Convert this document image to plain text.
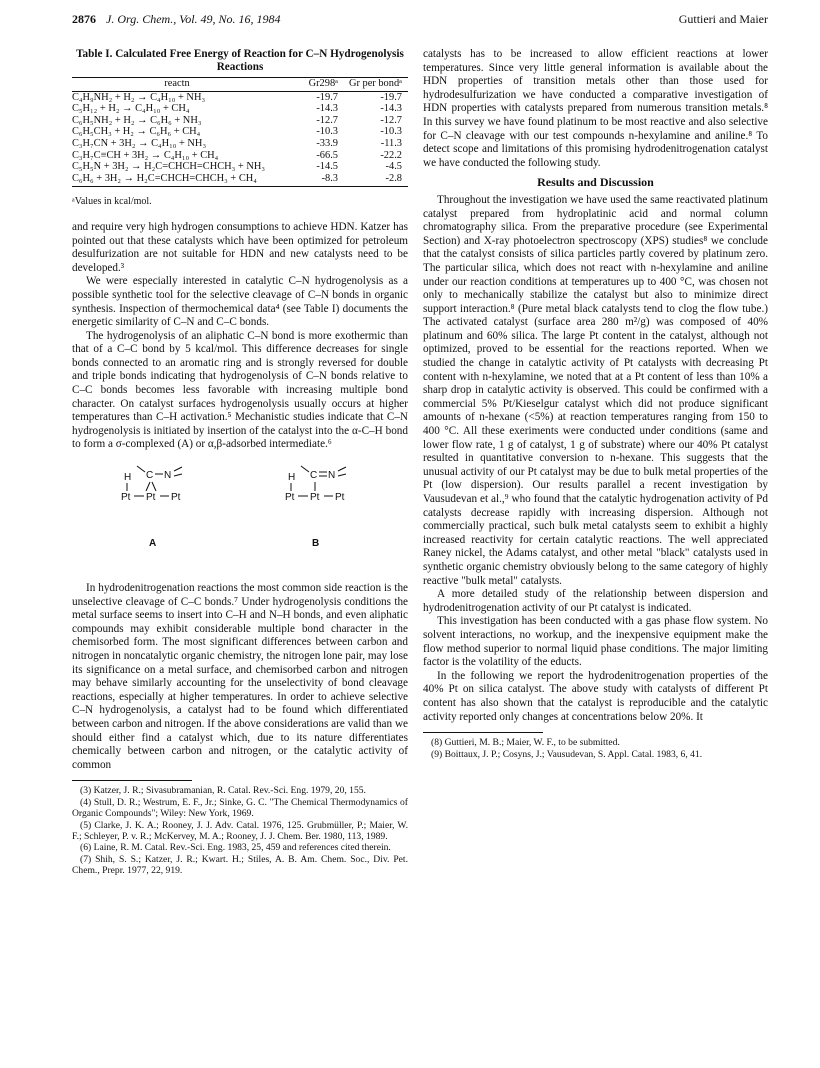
2876 J. Org. Chem., Vol. 49, No. 16, 1984	Guttieri and Maier
Table I. Calculated Free Energy of Reaction for C–N Hydrogenolysis Reactions

reactn	Gr298ᵃ	Gr per bondᵃ
C₄H₉NH₂ + H₂ → C₄H₁₀ + NH₃	-19.7	-19.7
C₅H₁₂ + H₂ → C₄H₁₀ + CH₄	-14.3	-14.3
C₆H₅NH₂ + H₂ → C₆H₆ + NH₃	-12.7	-12.7
C₆H₅CH₃ + H₂ → C₆H₆ + CH₄	-10.3	-10.3
C₃H₇CN + 3H₂ → C₄H₁₀ + NH₃	-33.9	-11.3
C₃H₇C≡CH + 3H₂ → C₄H₁₀ + CH₄	-66.5	-22.2
C₅H₅N + 3H₂ → H₂C=CHCH=CHCH₃ + NH₃	-14.5	-4.5
C₆H₆ + 3H₂ → H₂C=CHCH=CHCH₃ + CH₄	-8.3	-2.8
ᵃValues in kcal/mol.

and require very high hydrogen consumptions to achieve HDN. Katzer has pointed out that these catalysts which have been optimized for petroleum desulfurization are not suitable for HDN and new catalysts need to be developed.³

We were especially interested in catalytic C–N hydrogenolysis as a possible synthetic tool for the selective cleavage of C–N bonds in organic synthesis. Inspection of thermochemical data⁴ (see Table I) documents the energetic similarity of C–N and C–C bonds.

The hydrogenolysis of an aliphatic C–N bond is more exothermic than that of a C–C bond by 5 kcal/mol. This difference decreases for single bonds connected to an aromatic ring and is strongly reversed for double and triple bonds indicating that hydrogenolysis of C–N bonds relative to C–C bonds becomes less favorable with increasing multiple bond character. On catalyst surfaces hydrogenolysis usually occurs at higher temperatures than C–H activation.⁵ Mechanistic studies indicate that C–N hydrogenolysis is initiated by insertion of the catalyst into the α-C–H bond to form a σ-complexed (A) or α,β-adsorbed intermediate.⁶

H C N
Pt Pt Pt
H C N
Pt Pt Pt
A	B

In hydrodenitrogenation reactions the most common side reaction is the unselective cleavage of C–C bonds.⁷ Under hydrogenolysis conditions the metal surface seems to insert into C–H and N–H bonds, and even aliphatic compounds may exhibit considerable multiple bond character in the chemisorbed form. The most significant differences between carbon and nitrogen in noncatalytic organic chemistry, the nitrogen lone pair, may lose its significance on a metal surface, and chemisorbed carbon and nitrogen may behave similarly accounting for the unselectivity of bond cleavage reactions, especially at higher temperatures. In order to achieve selective C–N hydrogenolysis, a catalyst had to be found which differentiated between carbon and nitrogen. If the above considerations are valid than we should either find a catalyst which, due to its nature differentiates chemically between carbon and nitrogen, or the catalytic activity of common

(3) Katzer, J. R.; Sivasubramanian, R. Catal. Rev.-Sci. Eng. 1979, 20, 155.
(4) Stull, D. R.; Westrum, E. F., Jr.; Sinke, G. C. "The Chemical Thermodynamics of Organic Compounds"; Wiley: New York, 1969.
(5) Clarke, J. K. A.; Rooney, J. J. Adv. Catal. 1976, 125. Grubmüller, P.; Maier, W. F.; Schleyer, P. v. R.; McKervey, M. A.; Rooney, J. J. Chem. Ber. 1980, 113, 1989.
(6) Laine, R. M. Catal. Rev.-Sci. Eng. 1983, 25, 459 and references cited therein.
(7) Shih, S. S.; Katzer, J. R.; Kwart. H.; Stiles, A. B. Am. Chem. Soc., Div. Pet. Chem., Prepr. 1977, 22, 919.

catalysts has to be increased to allow efficient reactions at lower temperatures. Since very little general information is available about the HDN properties of transition metals other than those used for hydrodesulfurization we have conducted a comparative investigation of HDN properties with catalysts prepared from numerous transition metals.⁸ In this survey we have found platinum to be most reactive and also selective for C–N cleavage with our test compounds n-hexylamine and aniline.⁸ To detect scope and limitations of this promising hydrodenitrogenation catalyst we have conducted the following study.

Results and Discussion

Throughout the investigation we have used the same reactivated platinum catalyst prepared from hydroplatinic acid and normal column chromatography silica. From the preparative procedure (see Experimental Section) and X-ray photoelectron spectroscopy (XPS) studies⁸ we conclude that the catalyst consists of silica particles partly covered by platinum zero. The particular silica, which does not react with n-hexylamine and aniline under our reaction conditions at temperatures up to 400 °C, was chosen not only to mechanically stabilize the catalyst but also to minimize direct support interaction.⁸ (Pure metal black catalysts tend to clog the flow tube.) The activated catalyst (surface area 280 m²/g) was composed of 40% platinum and 60% silica. The large Pt content in the catalyst, although not optimized, proved to be essential for the reactions reported. When we studied the change in catalytic activity of Pt catalysts with decreasing Pt content with n-hexylamine, we noted that at a Pt content of less than 10% a sharp drop in catalytic activity is observed. This could be confirmed with a commercial 5% Pt/Kieselgur catalyst which did not produce significant amounts of n-hexane (<5%) at reaction temperatures ranging from 150 to 400 °C. All these exeriments were conducted under conditions (same and lower flow rate, 1 g of catalyst, 1 g of substrate) where our 40% Pt catalyst resulted in quantitative conversion to n-hexane. This suggests that the unusual activity of our Pt catalyst may be due to bulk metal properties of the Pt (low dispersion). Our results parallel a recent investigation by Vausudevan et al.,⁹ who found that the catalytic hydrogenation activity of Pd catalysts decrease rapidly with increasing dispersion. Although not commercially practical, such bulk metal catalysts seem to exhibit a highly increased reactivity for certain catalytic reactions. The well appreciated Raney nickel, the Adams catalyst, and other metal "black" catalysts used in synthetic organic chemistry obviously belong to the same category of highly reactive "bulk metal" catalysts.

A more detailed study of the relationship between dispersion and hydrodenitrogenation activity of our Pt catalyst is indicated.

This investigation has been conducted with a gas phase flow system. No solvent interactions, no workup, and the inexpensive equipment make the flow method superior to normal liquid phase conditions. The major limiting factor is the volatility of the educts.

In the following we report the hydrodenitrogenation properties of the 40% Pt on silica catalyst. The above study with catalysts of different Pt content has also shown that the catalyst is reproducible and the catalytic activity reported only changes at concentrations below 20%. It

(8) Guttieri, M. B.; Maier, W. F., to be submitted.
(9) Boittaux, J. P.; Cosyns, J.; Vausudevan, S. Appl. Catal. 1983, 6, 41.
